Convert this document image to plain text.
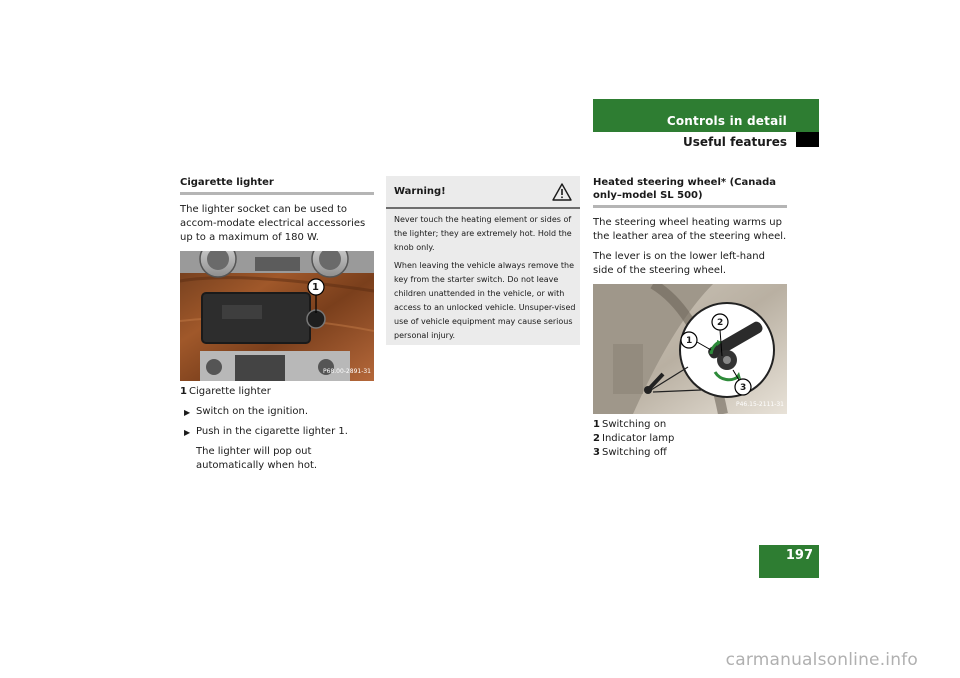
Controls in detail
Useful features
Cigarette lighter
The lighter socket can be used to accom-modate electrical accessories up to a maximum of 180 W.
P68.00-2891-31
1
1 Cigarette lighter
▶ Switch on the ignition.
▶ Push in the cigarette lighter 1.
The lighter will pop out automatically when hot.
Warning!

Never touch the heating element or sides of the lighter; they are extremely hot. Hold the knob only.

When leaving the vehicle always remove the key from the starter switch. Do not leave children unattended in the vehicle, or with access to an unlocked vehicle. Unsuper-vised use of vehicle equipment may cause serious personal injury.

Heated steering wheel* (Canada only–model SL 500)
The steering wheel heating warms up the leather area of the steering wheel.
The lever is on the lower left-hand side of the steering wheel.
P46.15-2111-31
1
2
3
1 Switching on
2 Indicator lamp
3 Switching off
197
carmanualsonline.info
